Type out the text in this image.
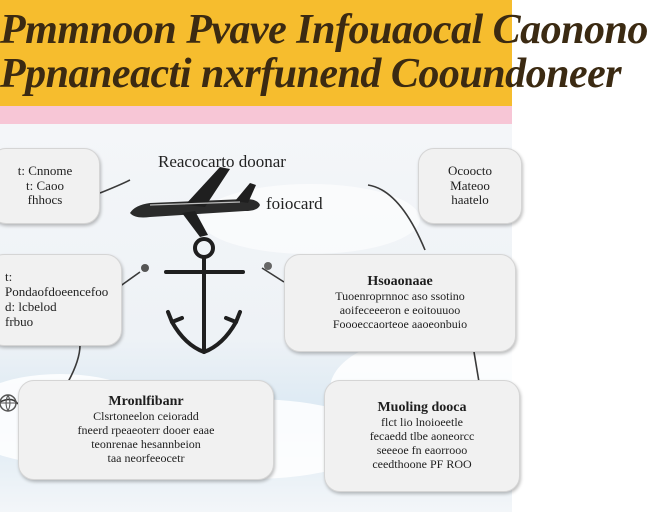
Pmmnoon Pvave Infouaocal Caonono
Ppnaneacti nxrfunend Cooundoneer
Reacocarto doonar
foiocard
t: Cnnome
t: Caoo
fhhocs
Ocoocto
Mateoo
haatelo
t:
Pondaofdoeencefoo
d: lcbelod
frbuo
Hsoaonaae
Tuoenroprnnoc aso ssotino
aoifeceeeron e eoitouuoo
Foooeccaorteoe aaoeonbuio
Mronlfibanr
Clsrtoneelon ceioradd
fneerd rpeaeoterr dooer eaae
teonrenae hesannbeion
taa neorfeeocetr
Muoling dooca
flct lio lnoioeetle
fecaedd tlbe aoneorcc
seeeoe fn eaorrooo
ceedthoone PF ROO
